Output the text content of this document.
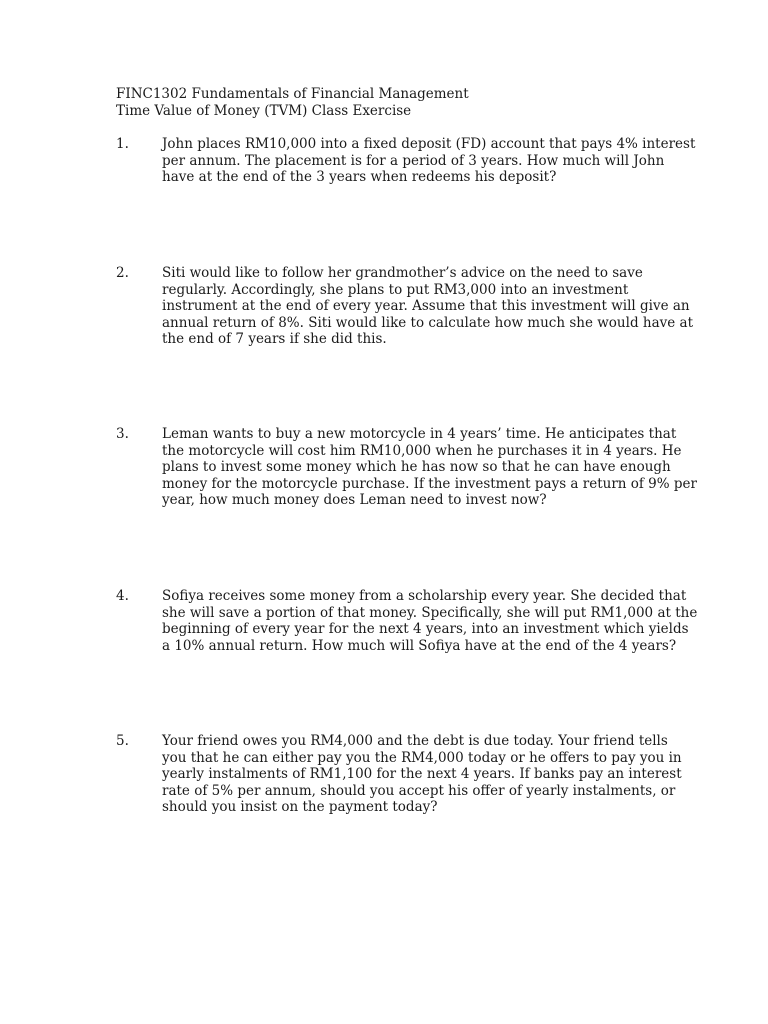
FINC1302 Fundamentals of Financial Management
Time Value of Money (TVM) Class Exercise
1.	John places RM10,000 into a fixed deposit (FD) account that pays 4% interest
per annum. The placement is for a period of 3 years. How much will John
have at the end of the 3 years when redeems his deposit?
2.	Siti would like to follow her grandmother’s advice on the need to save
regularly. Accordingly, she plans to put RM3,000 into an investment
instrument at the end of every year. Assume that this investment will give an
annual return of 8%. Siti would like to calculate how much she would have at
the end of 7 years if she did this.
3.	Leman wants to buy a new motorcycle in 4 years’ time. He anticipates that
the motorcycle will cost him RM10,000 when he purchases it in 4 years. He
plans to invest some money which he has now so that he can have enough
money for the motorcycle purchase. If the investment pays a return of 9% per
year, how much money does Leman need to invest now?
4.	Sofiya receives some money from a scholarship every year. She decided that
she will save a portion of that money. Specifically, she will put RM1,000 at the
beginning of every year for the next 4 years, into an investment which yields
a 10% annual return. How much will Sofiya have at the end of the 4 years?
5.	Your friend owes you RM4,000 and the debt is due today. Your friend tells
you that he can either pay you the RM4,000 today or he offers to pay you in
yearly instalments of RM1,100 for the next 4 years. If banks pay an interest
rate of 5% per annum, should you accept his offer of yearly instalments, or
should you insist on the payment today?
